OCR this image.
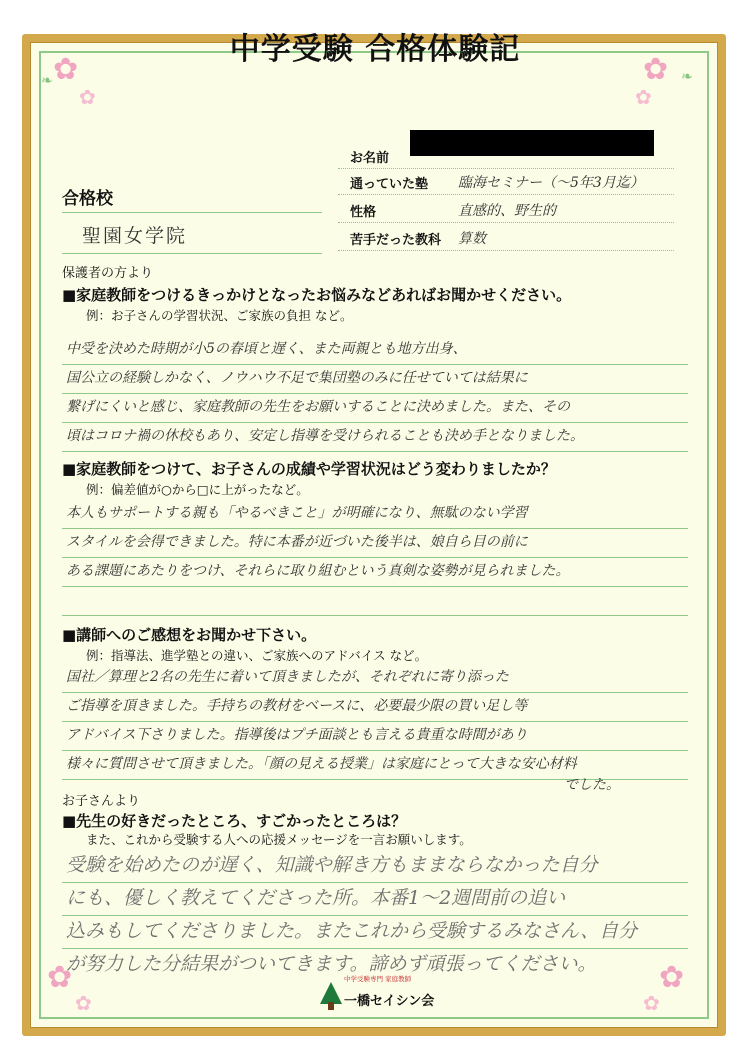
✿
✿
❧	✿
✿
❧
✿
✿
✿
✿
中学受験 合格体験記
お名前
通っていた塾 臨海セミナー（～5年3月迄）
性格	直感的、野生的
苦手だった教科 算数
合格校
聖園女学院
保護者の方より
■家庭教師をつけるきっかけとなったお悩みなどあればお聞かせください。
例：お子さんの学習状況、ご家族の負担 など。
中受を決めた時期が小5の春頃と遅く、また両親とも地方出身、
国公立の経験しかなく、ノウハウ不足で集団塾のみに任せていては結果に
繋げにくいと感じ、家庭教師の先生をお願いすることに決めました。また、その
頃はコロナ禍の休校もあり、安定し指導を受けられることも決め手となりました。
■家庭教師をつけて、お子さんの成績や学習状況はどう変わりましたか？
例：偏差値が○から□に上がったなど。
本人もサポートする親も「やるべきこと」が明確になり、無駄のない学習
スタイルを会得できました。特に本番が近づいた後半は、娘自ら目の前に
ある課題にあたりをつけ、それらに取り組むという真剣な姿勢が見られました。
■講師へのご感想をお聞かせ下さい。
例：指導法、進学塾との違い、ご家族へのアドバイス など。
国社／算理と2名の先生に着いて頂きましたが、それぞれに寄り添った
ご指導を頂きました。手持ちの教材をベースに、必要最少限の買い足し等
アドバイス下さりました。指導後はプチ面談とも言える貴重な時間があり
様々に質問させて頂きました。「顔の見える授業」は家庭にとって大きな安心材料
でした。
お子さんより
■先生の好きだったところ、すごかったところは？
また、これから受験する人への応援メッセージを一言お願いします。
受験を始めたのが遅く、知識や解き方もままならなかった自分
にも、優しく教えてくださった所。本番1～2週間前の追い
込みもしてくださりました。またこれから受験するみなさん、自分
が努力した分結果がついてきます。諦めず頑張ってください。
中学受験専門 家庭教師
一橋セイシン会
